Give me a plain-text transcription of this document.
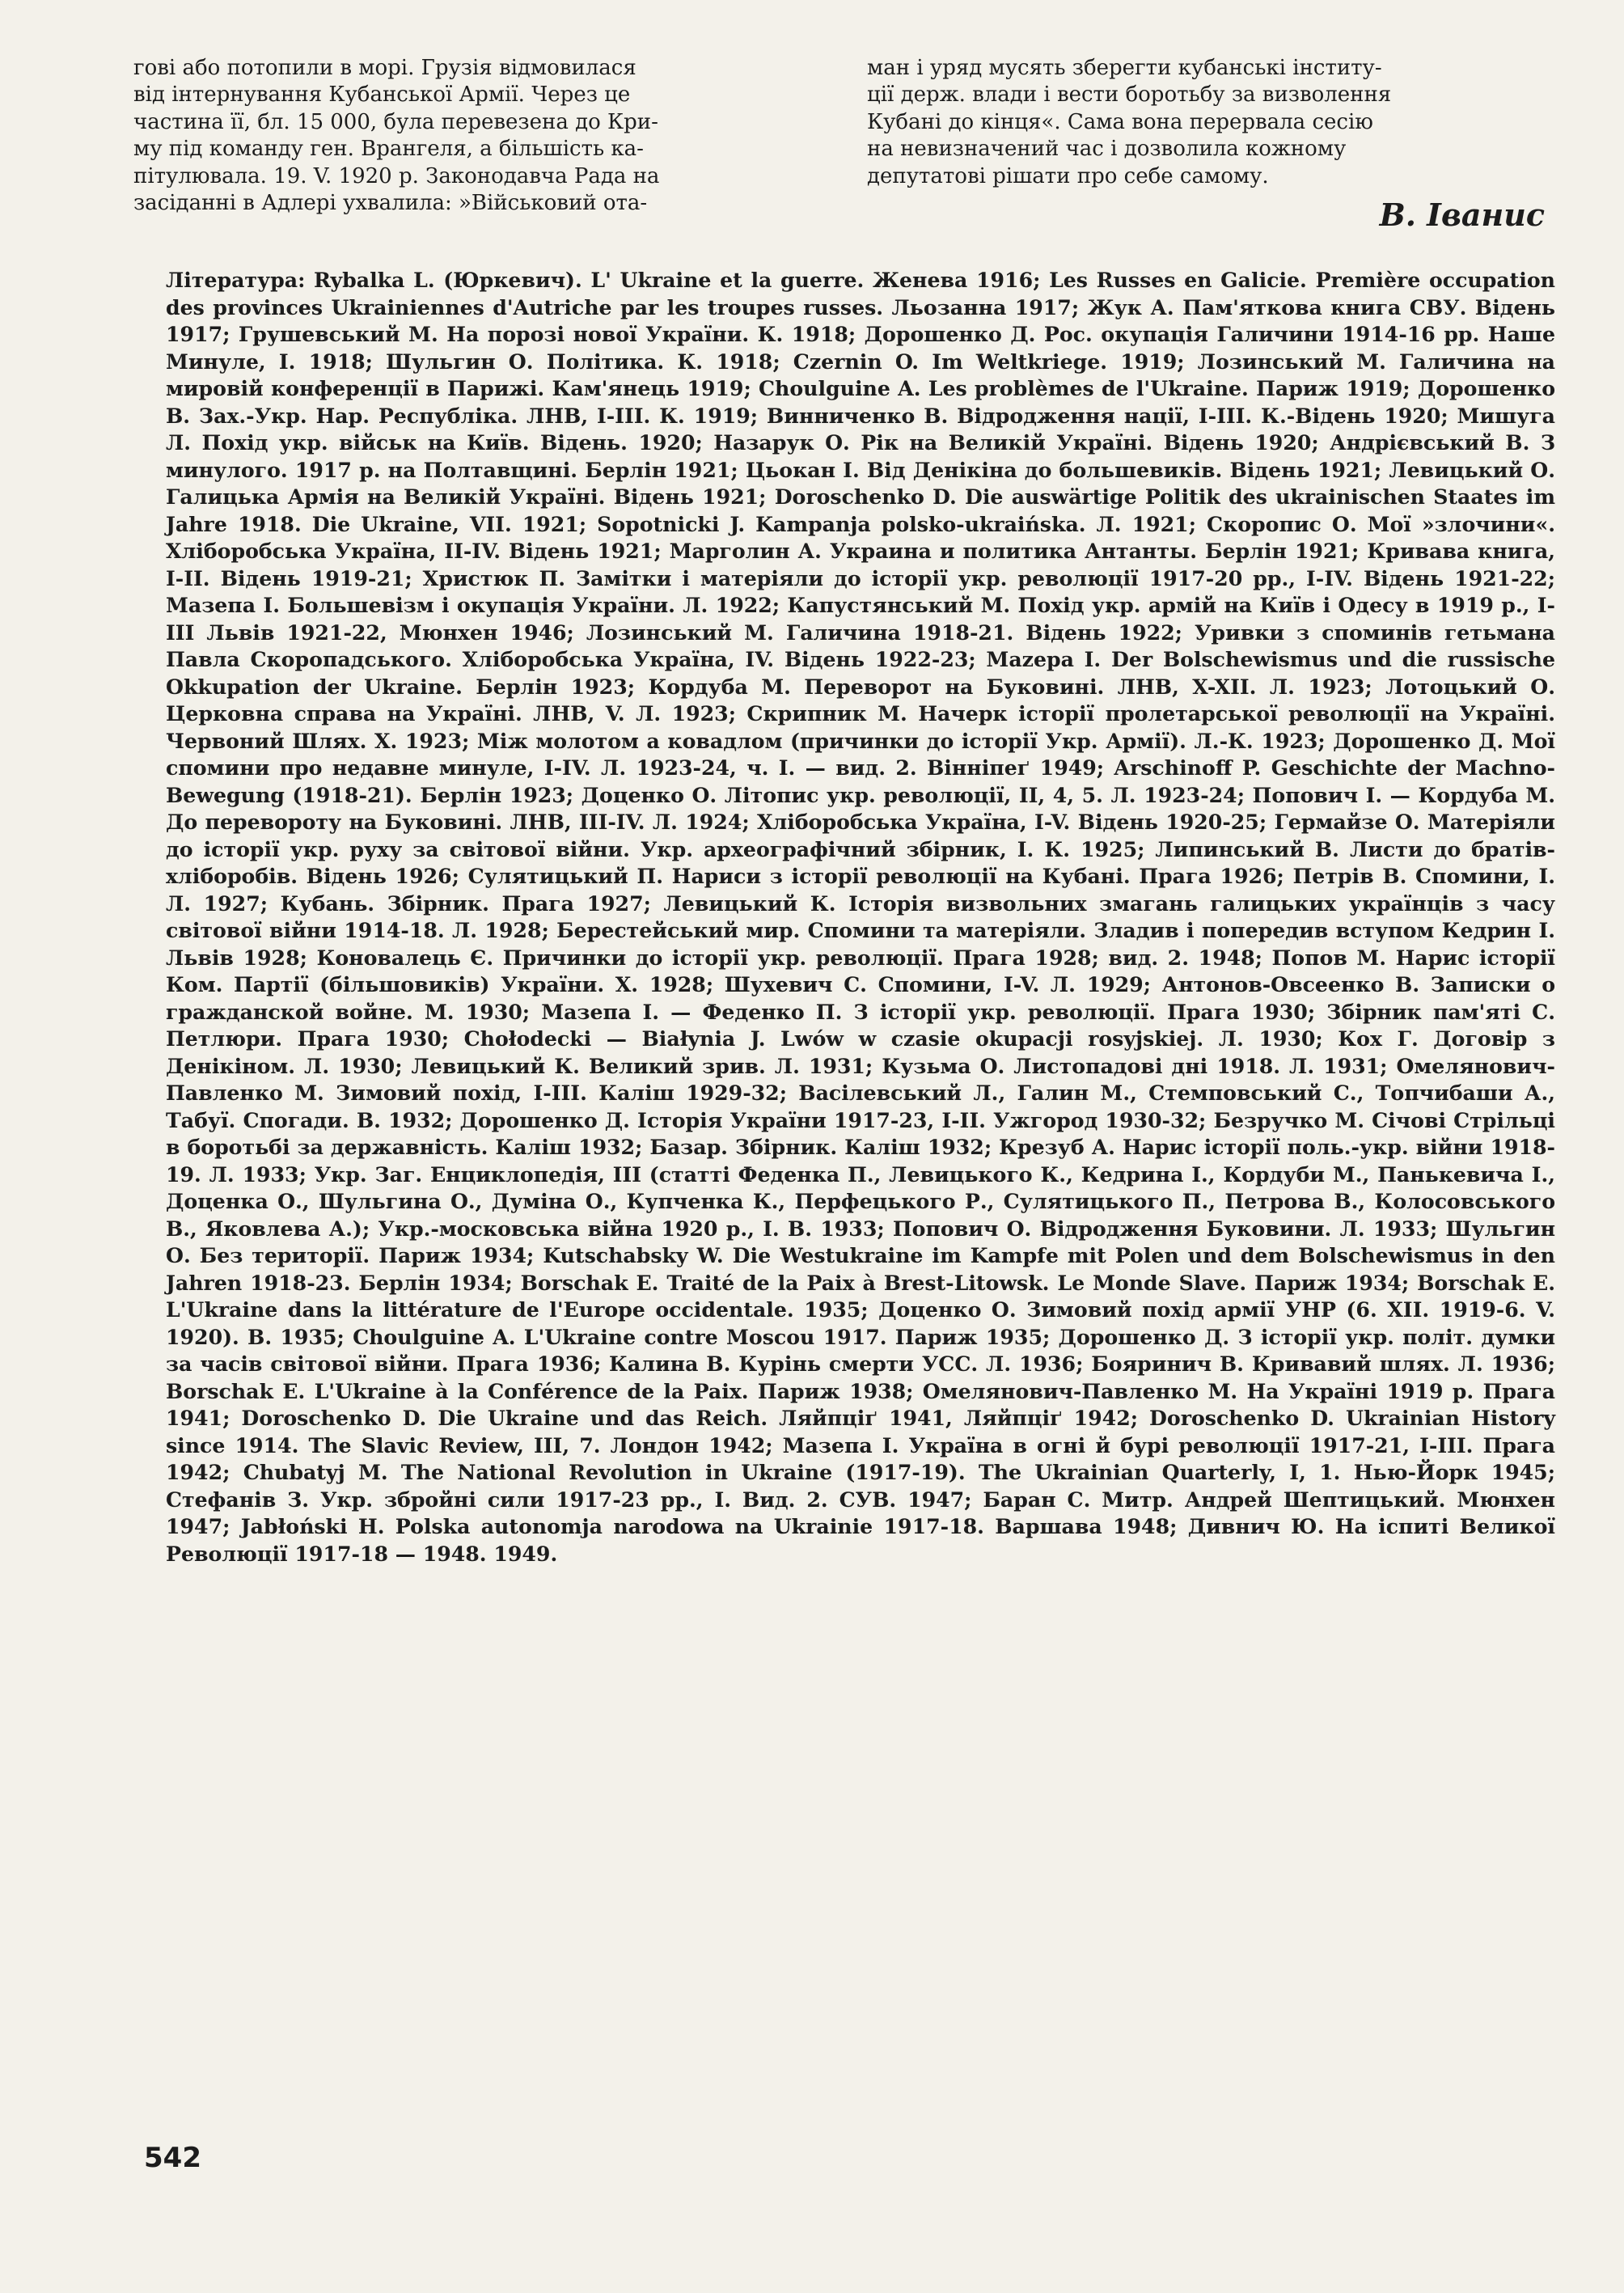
гові або потопили в морі. Грузія відмовилася
від інтернування Кубанської Армії. Через це
частина її, бл. 15 000, була перевезена до Кри-
му під команду ген. Врангеля, а більшість ка-
пітулювала. 19. V. 1920 р. Законодавча Рада на
засіданні в Адлері ухвалила: »Військовий ота-
ман і уряд мусять зберегти кубанські інститу-
ції держ. влади і вести боротьбу за визволення
Кубані до кінця«. Сама вона перервала сесію
на невизначений час і дозволила кожному
депутатові рішати про себе самому.
В. Іванис
Література: Rybalka L. (Юркевич). L' Ukraine et la guerre. Женева 1916; Les Russes en Galicie. Première occupation des provinces Ukrainiennes d'Autriche par les troupes russes. Льозанна 1917; Жук А. Пам'яткова книга СВУ. Відень 1917; Грушевський М. На порозі нової України. К. 1918; Дорошенко Д. Рос. окупація Галичини 1914-16 рр. Наше Минуле, І. 1918; Шульгин О. Політика. К. 1918; Czernin O. Im Weltkriege. 1919; Лозинський М. Галичина на мировій конференції в Парижі. Кам'янець 1919; Choulguine A. Les problèmes de l'Ukraine. Париж 1919; Дорошенко В. Зах.-Укр. Нар. Республіка. ЛНВ, I-III. К. 1919; Винниченко В. Відродження нації, І-ІІІ. К.-Відень 1920; Мишуга Л. Похід укр. військ на Київ. Відень. 1920; Назарук О. Рік на Великій Україні. Відень 1920; Андрієвський В. З минулого. 1917 р. на Полтавщині. Берлін 1921; Цьокан І. Від Денікіна до большевиків. Відень 1921; Левицький О. Галицька Армія на Великій Україні. Відень 1921; Doroschenko D. Die auswärtige Politik des ukrainischen Staates im Jahre 1918. Die Ukraine, VII. 1921; Sopotnicki J. Kampanja polsko-ukraińska. Л. 1921; Скоропис О. Мої »злочини«. Хліборобська Україна, II-IV. Відень 1921; Марголин А. Украина и политика Антанты. Берлін 1921; Кривава книга, I-II. Відень 1919-21; Христюк П. Замітки і матеріяли до історії укр. революції 1917-20 рр., I-IV. Відень 1921-22; Мазепа І. Большевізм і окупація України. Л. 1922; Капустянський М. Похід укр. армій на Київ і Одесу в 1919 р., I-III Львів 1921-22, Мюнхен 1946; Лозинський М. Галичина 1918-21. Відень 1922; Уривки з споминів гетьмана Павла Скоропадського. Хліборобська Україна, IV. Відень 1922-23; Mazepa I. Der Bolschewismus und die russische Okkupation der Ukraine. Берлін 1923; Кордуба М. Переворот на Буковині. ЛНВ, X-XII. Л. 1923; Лотоцький О. Церковна справа на Україні. ЛНВ, V. Л. 1923; Скрипник М. Начерк історії пролетарської революції на Україні. Червоний Шлях. X. 1923; Між молотом а ковадлом (причинки до історії Укр. Армії). Л.-К. 1923; Дорошенко Д. Мої спомини про недавне минуле, I-IV. Л. 1923-24, ч. І. — вид. 2. Вінніпеґ 1949; Arschinoff P. Geschichte der Machno-Bewegung (1918-21). Берлін 1923; Доценко О. Літопис укр. революції, II, 4, 5. Л. 1923-24; Попович І. — Кордуба М. До перевороту на Буковині. ЛНВ, III-IV. Л. 1924; Хліборобська Україна, I-V. Відень 1920-25; Гермайзе О. Матеріяли до історії укр. руху за світової війни. Укр. археографічний збірник, I. К. 1925; Липинський В. Листи до братів-хліборобів. Відень 1926; Сулятицький П. Нариси з історії революції на Кубані. Прага 1926; Петрів В. Спомини, I. Л. 1927; Кубань. Збірник. Прага 1927; Левицький К. Історія визвольних змагань галицьких українців з часу світової війни 1914-18. Л. 1928; Берестейський мир. Спомини та матеріяли. Зладив і попередив вступом Кедрин І. Львів 1928; Коновалець Є. Причинки до історії укр. революції. Прага 1928; вид. 2. 1948; Попов М. Нарис історії Ком. Партії (більшовиків) України. X. 1928; Шухевич С. Спомини, I-V. Л. 1929; Антонов-Овсеенко В. Записки о гражданской войне. М. 1930; Мазепа І. — Феденко П. З історії укр. революції. Прага 1930; Збірник пам'яті С. Петлюри. Прага 1930; Chołodecki — Białynia J. Lwów w czasie okupacji rosyjskiej. Л. 1930; Кох Г. Договір з Денікіном. Л. 1930; Левицький К. Великий зрив. Л. 1931; Кузьма О. Листопадові дні 1918. Л. 1931; Омелянович-Павленко М. Зимовий похід, I-III. Каліш 1929-32; Васілевський Л., Галин М., Стемповський С., Топчибаши А., Табуї. Спогади. В. 1932; Дорошенко Д. Історія України 1917-23, I-II. Ужгород 1930-32; Безручко М. Січові Стрільці в боротьбі за державність. Каліш 1932; Базар. Збірник. Каліш 1932; Крезуб А. Нарис історії поль.-укр. війни 1918-19. Л. 1933; Укр. Заг. Енциклопедія, III (статті Феденка П., Левицького К., Кедрина І., Кордуби М., Панькевича І., Доценка О., Шульгина О., Думіна О., Купченка К., Перфецького Р., Сулятицького П., Петрова В., Колосовського В., Яковлева А.); Укр.-московська війна 1920 р., I. В. 1933; Попович О. Відродження Буковини. Л. 1933; Шульгин О. Без території. Париж 1934; Kutschabsky W. Die Westukraine im Kampfe mit Polen und dem Bolschewismus in den Jahren 1918-23. Берлін 1934; Borschak E. Traité de la Paix à Brest-Litowsk. Le Monde Slave. Париж 1934; Borschak E. L'Ukraine dans la littérature de l'Europe occidentale. 1935; Доценко О. Зимовий похід армії УНР (6. XII. 1919-6. V. 1920). В. 1935; Choulguine A. L'Ukraine contre Moscou 1917. Париж 1935; Дорошенко Д. З історії укр. політ. думки за часів світової війни. Прага 1936; Калина В. Курінь смерти УСС. Л. 1936; Бояринич В. Кривавий шлях. Л. 1936; Borschak E. L'Ukraine à la Conférence de la Paix. Париж 1938; Омелянович-Павленко М. На Україні 1919 р. Прага 1941; Doroschenko D. Die Ukraine und das Reich. Ляйпціґ 1941, Ляйпціґ 1942; Doroschenko D. Ukrainian History since 1914. The Slavic Review, III, 7. Лондон 1942; Мазепа І. Україна в огні й бурі революції 1917-21, I-III. Прага 1942; Chubatyj M. The National Revolution in Ukraine (1917-19). The Ukrainian Quarterly, I, 1. Нью-Йорк 1945; Стефанів З. Укр. збройні сили 1917-23 рр., I. Вид. 2. СУВ. 1947; Баран С. Митр. Андрей Шептицький. Мюнхен 1947; Jabłoński H. Polska autonomja narodowa na Ukrainie 1917-18. Варшава 1948; Дивнич Ю. На іспиті Великої Революції 1917-18 — 1948. 1949.
542
